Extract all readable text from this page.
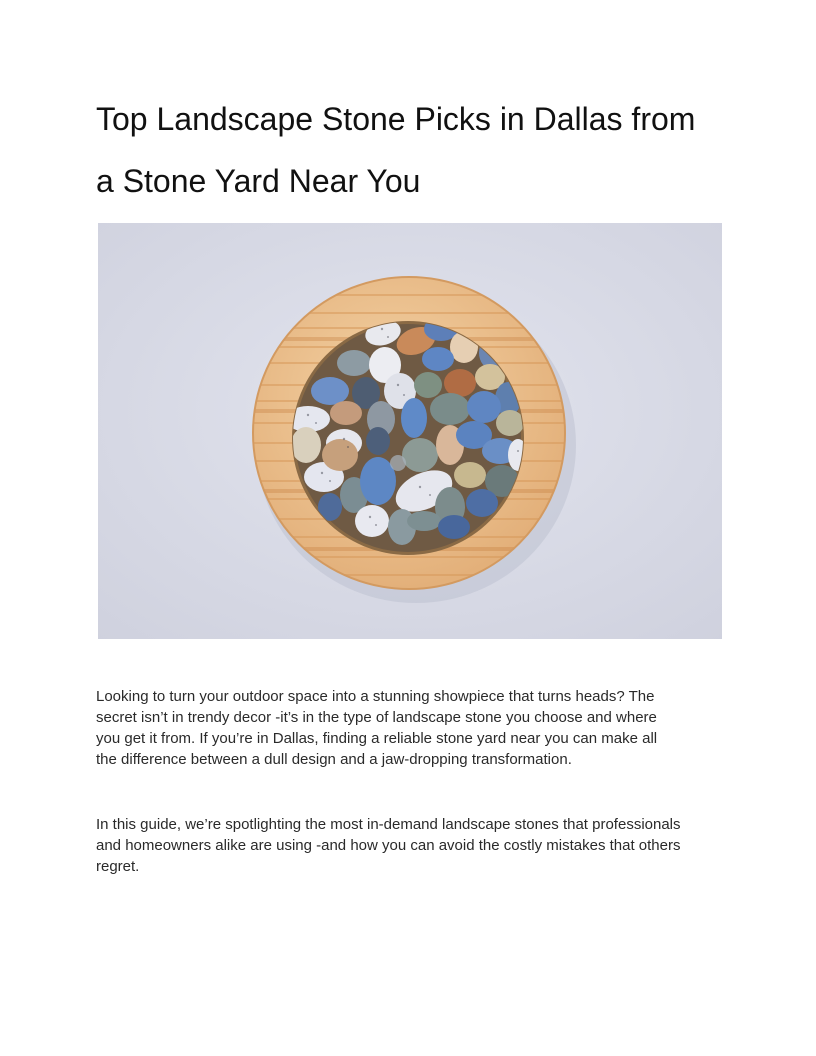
Top Landscape Stone Picks in Dallas from
a Stone Yard Near You

Looking to turn your outdoor space into a stunning showpiece that turns heads? The
secret isn’t in trendy decor -it’s in the type of landscape stone you choose and where
you get it from. If you’re in Dallas, finding a reliable stone yard near you can make all
the difference between a dull design and a jaw-dropping transformation.

In this guide, we’re spotlighting the most in-demand landscape stones that professionals
and homeowners alike are using -and how you can avoid the costly mistakes that others
regret.
